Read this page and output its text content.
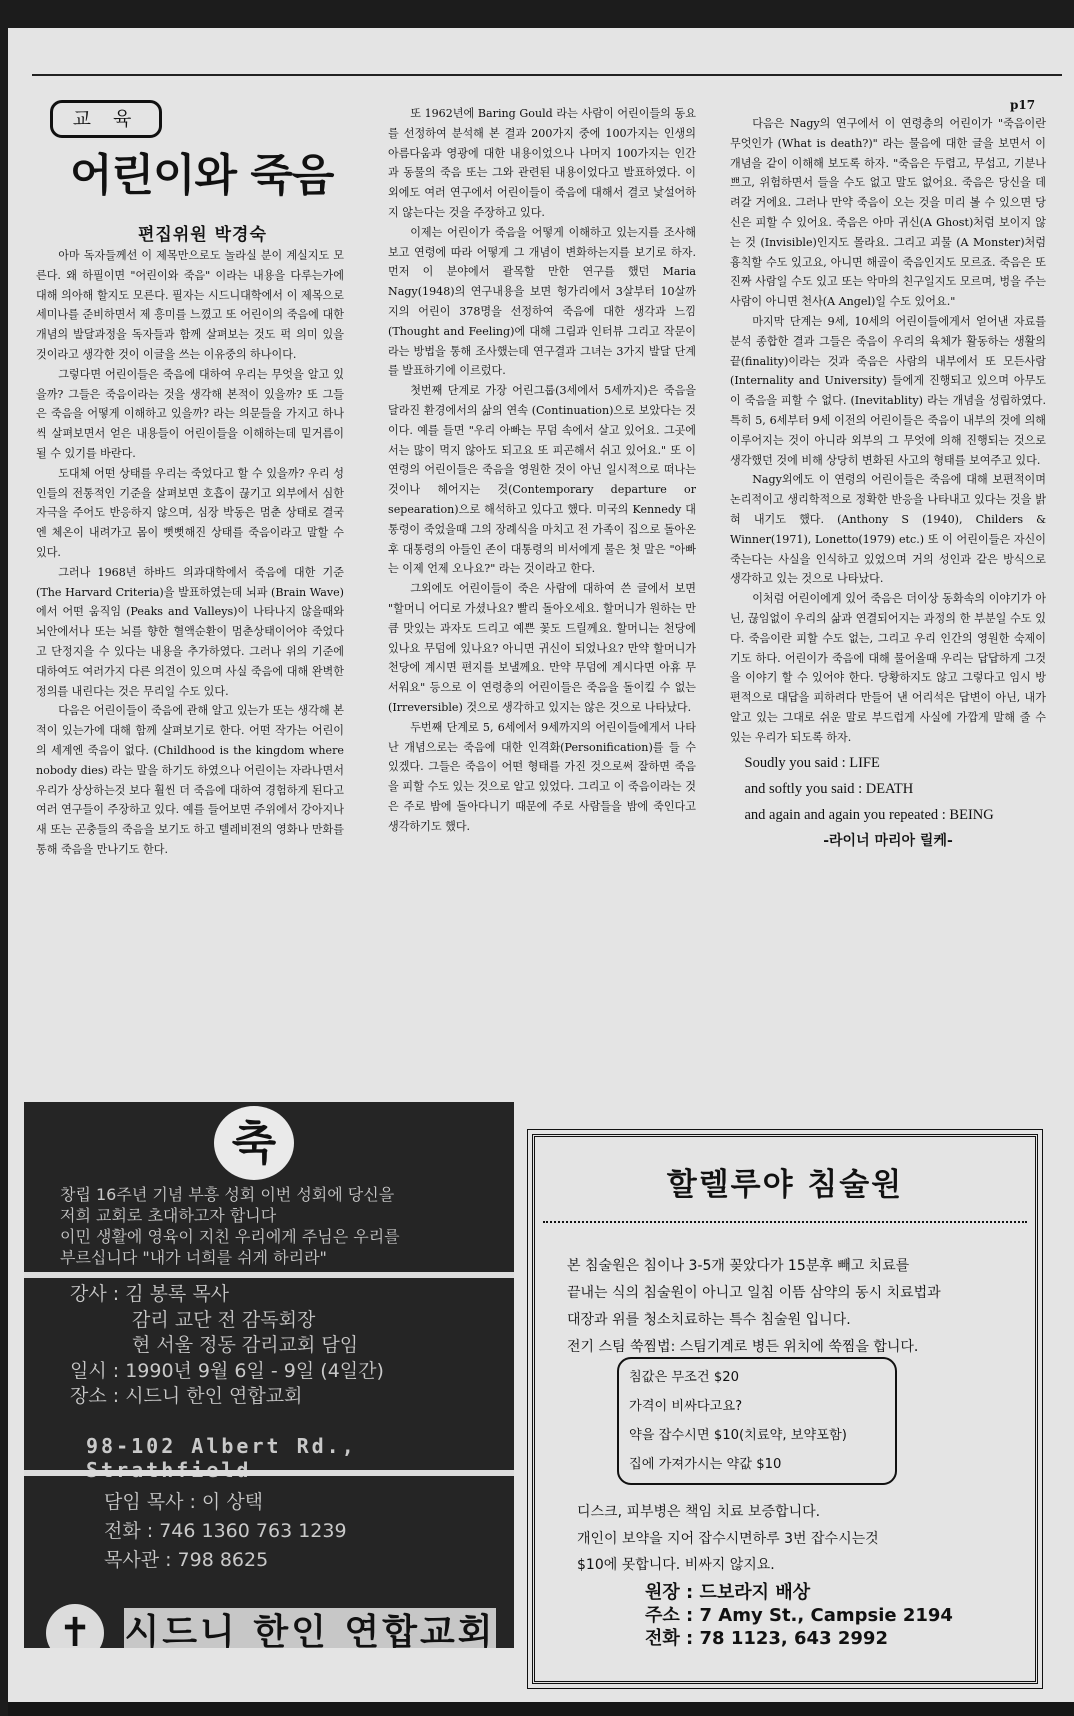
p17
교 육
어린이와 죽음
편집위원 박경숙

아마 독자들께선 이 제목만으로도 놀라실 분이 계실지도 모른다. 왜 하필이면 "어린이와 죽음" 이라는 내용을 다루는가에 대해 의아해 할지도 모른다. 필자는 시드니대학에서 이 제목으로 세미나를 준비하면서 제 흥미를 느꼈고 또 어린이의 죽음에 대한 개념의 발달과정을 독자들과 함께 살펴보는 것도 퍽 의미 있을 것이라고 생각한 것이 이글을 쓰는 이유중의 하나이다.

그렇다면 어린이들은 죽음에 대하여 우리는 무엇을 알고 있을까? 그들은 죽음이라는 것을 생각해 본적이 있을까? 또 그들은 죽음을 어떻게 이해하고 있을까? 라는 의문들을 가지고 하나씩 살펴보면서 얻은 내용들이 어린이들을 이해하는데 밑거름이 될 수 있기를 바란다.

도대체 어떤 상태를 우리는 죽었다고 할 수 있을까? 우리 성인들의 전통적인 기준을 살펴보면 호흡이 끊기고 외부에서 심한 자극을 주어도 반응하지 않으며, 심장 박동은 멈춘 상태로 결국엔 체온이 내려가고 몸이 뻣뻣해진 상태를 죽음이라고 말할 수 있다.

그러나 1968년 하바드 의과대학에서 죽음에 대한 기준(The Harvard Criteria)을 발표하였는데 뇌파 (Brain Wave)에서 어떤 움직임 (Peaks and Valleys)이 나타나지 않을때와 뇌안에서나 또는 뇌를 향한 혈액순환이 멈춘상태이어야 죽었다고 단정지을 수 있다는 내용을 추가하였다. 그러나 위의 기준에 대하여도 여러가지 다른 의견이 있으며 사실 죽음에 대해 완벽한 정의를 내린다는 것은 무리일 수도 있다.

다음은 어린이들이 죽음에 관해 알고 있는가 또는 생각해 본적이 있는가에 대해 함께 살펴보기로 한다. 어떤 작가는 어린이의 세계엔 죽음이 없다. (Childhood is the kingdom where nobody dies) 라는 말을 하기도 하였으나 어린이는 자라나면서 우리가 상상하는것 보다 훨씬 더 죽음에 대하여 경험하게 된다고 여러 연구들이 주장하고 있다. 예를 들어보면 주위에서 강아지나 새 또는 곤충들의 죽음을 보기도 하고 텔레비젼의 영화나 만화를 통해 죽음을 만나기도 한다.

또 1962년에 Baring Gould 라는 사람이 어린이들의 동요를 선정하여 분석해 본 결과 200가지 중에 100가지는 인생의 아름다움과 영광에 대한 내용이었으나 나머지 100가지는 인간과 동물의 죽음 또는 그와 관련된 내용이었다고 발표하였다. 이외에도 여러 연구에서 어린이들이 죽음에 대해서 결코 낯설어하지 않는다는 것을 주장하고 있다.

이제는 어린이가 죽음을 어떻게 이해하고 있는지를 조사해 보고 연령에 따라 어떻게 그 개념이 변화하는지를 보기로 하자. 먼저 이 분야에서 괄목할 만한 연구를 했던 Maria Nagy(1948)의 연구내용을 보면 헝가리에서 3살부터 10살까지의 어린이 378명을 선정하여 죽음에 대한 생각과 느낌 (Thought and Feeling)에 대해 그림과 인터뷰 그리고 작문이라는 방법을 통해 조사했는데 연구결과 그녀는 3가지 발달 단계를 발표하기에 이르렀다.

첫번째 단계로 가장 어린그룹(3세에서 5세까지)은 죽음을 달라진 환경에서의 삶의 연속 (Continuation)으로 보았다는 것이다. 예를 들면 "우리 아빠는 무덤 속에서 살고 있어요. 그곳에서는 많이 먹지 않아도 되고요 또 피곤해서 쉬고 있어요." 또 이 연령의 어린이들은 죽음을 영원한 것이 아닌 일시적으로 떠나는 것이나 헤어지는 것(Contemporary departure or sepearation)으로 해석하고 있다고 했다. 미국의 Kennedy 대통령이 죽었을때 그의 장례식을 마치고 전 가족이 집으로 돌아온후 대통령의 아들인 존이 대통령의 비서에게 물은 첫 말은 "아빠는 이제 언제 오나요?" 라는 것이라고 한다.

그외에도 어린이들이 죽은 사람에 대하여 쓴 글에서 보면 "할머니 어디로 가셨나요? 빨리 돌아오세요. 할머니가 원하는 만큼 맛있는 과자도 드리고 예쁜 꽃도 드릴께요. 할머니는 천당에 있나요 무덤에 있나요? 아니면 귀신이 되었나요? 만약 할머니가 천당에 계시면 편지를 보낼께요. 만약 무덤에 계시다면 아휴 무서워요" 등으로 이 연령층의 어린이들은 죽음을 돌이킬 수 없는 (Irreversible) 것으로 생각하고 있지는 않은 것으로 나타났다.

두번째 단계로 5, 6세에서 9세까지의 어린이들에게서 나타난 개념으로는 죽음에 대한 인격화(Personification)를 들 수 있겠다. 그들은 죽음이 어떤 형태를 가진 것으로써 잘하면 죽음을 피할 수도 있는 것으로 알고 있었다. 그리고 이 죽음이라는 것은 주로 밤에 돌아다니기 때문에 주로 사람들을 밤에 죽인다고 생각하기도 했다.

다음은 Nagy의 연구에서 이 연령층의 어린이가 "죽음이란 무엇인가 (What is death?)" 라는 물음에 대한 글을 보면서 이 개념을 같이 이해해 보도록 하자. "죽음은 두렵고, 무섭고, 기분나쁘고, 위험하면서 들을 수도 없고 말도 없어요. 죽음은 당신을 데려갈 거에요. 그러나 만약 죽음이 오는 것을 미리 볼 수 있으면 당신은 피할 수 있어요. 죽음은 아마 귀신(A Ghost)처럼 보이지 않는 것 (Invisible)인지도 몰라요. 그리고 괴물 (A Monster)처럼 흉칙할 수도 있고요, 아니면 해골이 죽음인지도 모르죠. 죽음은 또 진짜 사람일 수도 있고 또는 악마의 친구일지도 모르며, 벙을 주는 사람이 아니면 천사(A Angel)일 수도 있어요."

마지막 단계는 9세, 10세의 어린이들에게서 얻어낸 자료를 분석 종합한 결과 그들은 죽음이 우리의 육체가 활동하는 생활의 끝(finality)이라는 것과 죽음은 사람의 내부에서 또 모든사람 (Internality and University) 들에게 진행되고 있으며 아무도 이 죽음을 피할 수 없다. (Inevitablity) 라는 개념을 성립하였다. 특히 5, 6세부터 9세 이전의 어린이들은 죽음이 내부의 것에 의해 이루어지는 것이 아니라 외부의 그 무엇에 의해 진행되는 것으로 생각했던 것에 비해 상당히 변화된 사고의 형태를 보여주고 있다.

Nagy외에도 이 연령의 어린이들은 죽음에 대해 보편적이며 논리적이고 생리학적으로 정확한 반응을 나타내고 있다는 것을 밝혀 내기도 했다. (Anthony S (1940), Childers & Winner(1971), Lonetto(1979) etc.) 또 이 어린이들은 자신이 죽는다는 사실을 인식하고 있었으며 거의 성인과 같은 방식으로 생각하고 있는 것으로 나타났다.

이처럼 어린이에게 있어 죽음은 더이상 동화속의 이야기가 아닌, 끊임없이 우리의 삶과 연결되어지는 과정의 한 부분일 수도 있다. 죽음이란 피할 수도 없는, 그리고 우리 인간의 영원한 숙제이기도 하다. 어린이가 죽음에 대해 물어올때 우리는 답답하게 그것을 이야기 할 수 있어야 한다. 당황하지도 않고 그렇다고 임시 방편적으로 대답을 피하려다 만들어 낸 어리석은 답변이 아닌, 내가 알고 있는 그대로 쉬운 말로 부드럽게 사실에 가깝게 말해 줄 수 있는 우리가 되도록 하자.

Soudly you said : LIFE

and softly you said : DEATH

and again and again you repeated : BEING

-라이너 마리아 릴케-

축
창립 16주년 기념 부흥 성회 이번 성회에 당신을
저희 교회로 초대하고자 합니다
이민 생활에 영육이 지친 우리에게 주님은 우리를
부르십니다 "내가 너희를 쉬게 하리라"
강사 : 김 봉록 목사
감리 교단 전 감독회장
현 서울 정동 감리교회 담임
일시 : 1990년 9월 6일 - 9일 (4일간)
장소 : 시드니 한인 연합교회
98-102 Albert Rd.,
담임 목사 : 이 상택
전화 : 746 1360 763 1239
목사관 : 798 8625
✝ 시드니 한인 연합교회
할렐루야 침술원
본 침술원은 침이나 3-5개 꽂았다가 15분후 빼고 치료를
끝내는 식의 침술원이 아니고 일침 이뜸 삼약의 동시 치료법과
대장과 위를 청소치료하는 특수 침술원 입니다.
전기 스팀 쑥찜법: 스팀기계로 병든 위치에 쑥찜을 합니다.
침값은 무조건 $20
가격이 비싸다고요?
약을 잡수시면 $10(치료약, 보약포함)
집에 가져가시는 약값 $10
디스크, 피부병은 책임 치료 보증합니다.
개인이 보약을 지어 잡수시면하루 3번 잡수시는것
$10에 못합니다. 비싸지 않지요.
원장 : 드보라지 배상
주소 : 7 Amy St., Campsie 2194
전화 : 78 1123, 643 2992
